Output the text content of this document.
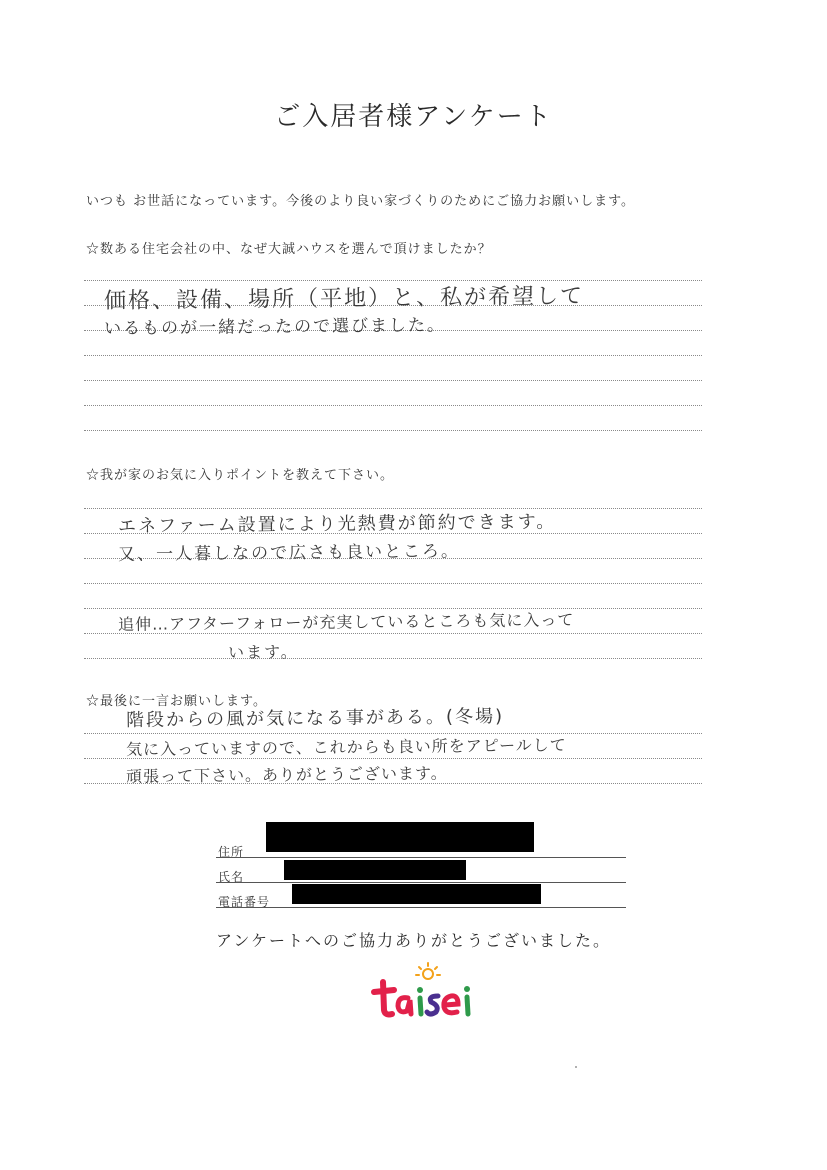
ご入居者様アンケート
いつも お世話になっています。今後のより良い家づくりのためにご協力お願いします。
☆数ある住宅会社の中、なぜ大誠ハウスを選んで頂けましたか？
価格、設備、場所（平地）と、私が希望して
いるものが一緒だったので選びました。
☆我が家のお気に入りポイントを教えて下さい。
エネファーム設置により光熱費が節約できます。
又、一人暮しなので広さも良いところ。
追伸…アフターフォローが充実しているところも気に入って
います。
☆最後に一言お願いします。
階段からの風が気になる事がある。(冬場)
気に入っていますので、これからも良い所をアピールして
頑張って下さい。ありがとうございます。
住所
氏名
電話番号
アンケートへのご協力ありがとうございました。
